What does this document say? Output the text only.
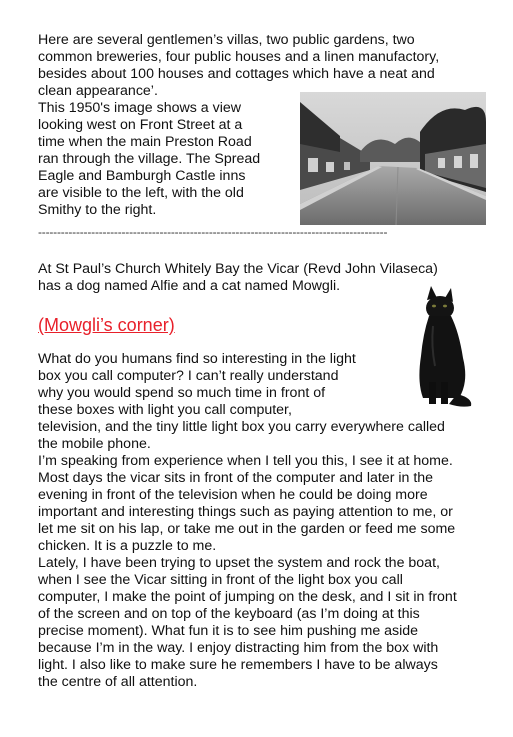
Here are several gentlemen’s villas, two public gardens, two
common breweries, four public houses and a linen manufactory,
besides about 100 houses and cottages which have a neat and
clean appearance’.
This 1950's image shows a view
looking west on Front Street at a
time when the main Preston Road
ran through the village. The Spread
Eagle and Bamburgh Castle inns
are visible to the left, with the old
Smithy to the right.
--------------------------------------------------------------------------------------------
At St Paul’s Church Whitely Bay the Vicar (Revd John Vilaseca)
has a dog named Alfie and a cat named Mowgli.
(Mowgli’s corner)
What do you humans find so interesting in the light
box you call computer? I can’t really understand
why you would spend so much time in front of
these boxes with light you call computer,
television, and the tiny little light box you carry everywhere called
the mobile phone.
I’m speaking from experience when I tell you this, I see it at home.
Most days the vicar sits in front of the computer and later in the
evening in front of the television when he could be doing more
important and interesting things such as paying attention to me, or
let me sit on his lap, or take me out in the garden or feed me some
chicken. It is a puzzle to me.
Lately, I have been trying to upset the system and rock the boat,
when I see the Vicar sitting in front of the light box you call
computer, I make the point of jumping on the desk, and I sit in front
of the screen and on top of the keyboard (as I’m doing at this
precise moment). What fun it is to see him pushing me aside
because I’m in the way. I enjoy distracting him from the box with
light. I also like to make sure he remembers I have to be always
the centre of all attention.
